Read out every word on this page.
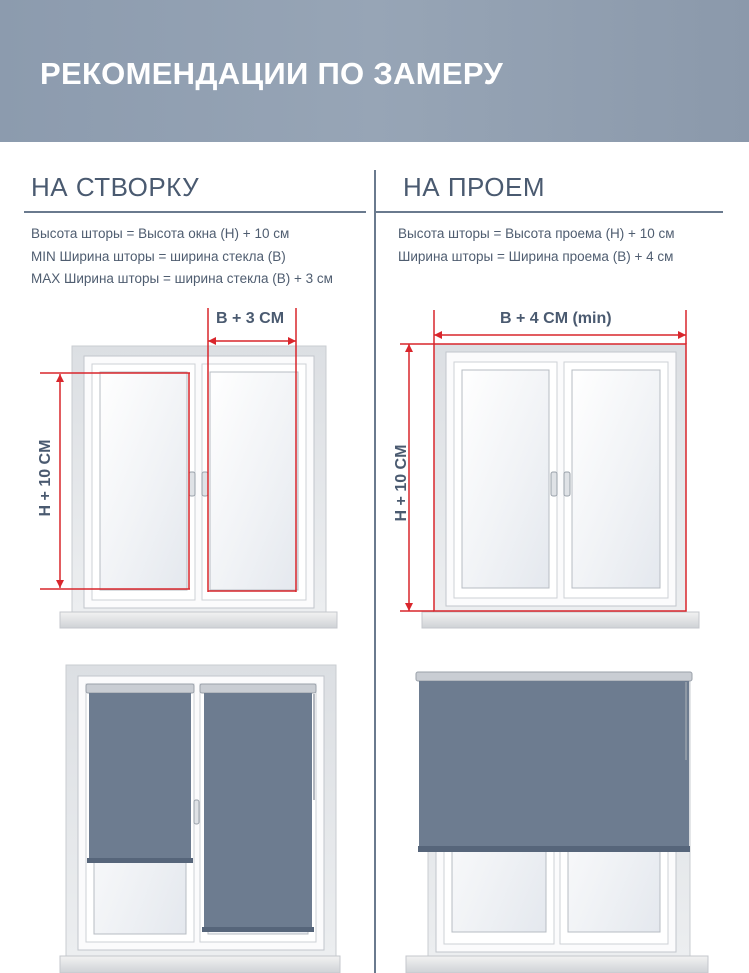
РЕКОМЕНДАЦИИ ПО ЗАМЕРУ
НА СТВОРКУ	НА ПРОЕМ
Высота шторы = Высота окна (H) + 10 см
MIN Ширина шторы = ширина стекла (B)
MAX Ширина шторы = ширина стекла (B) + 3 см
Высота шторы = Высота проема (H) + 10 см
Ширина шторы = Ширина проема (B) + 4 см
B + 3 CM
H + 10 CM
B + 4 CM (min)
H + 10 CM
